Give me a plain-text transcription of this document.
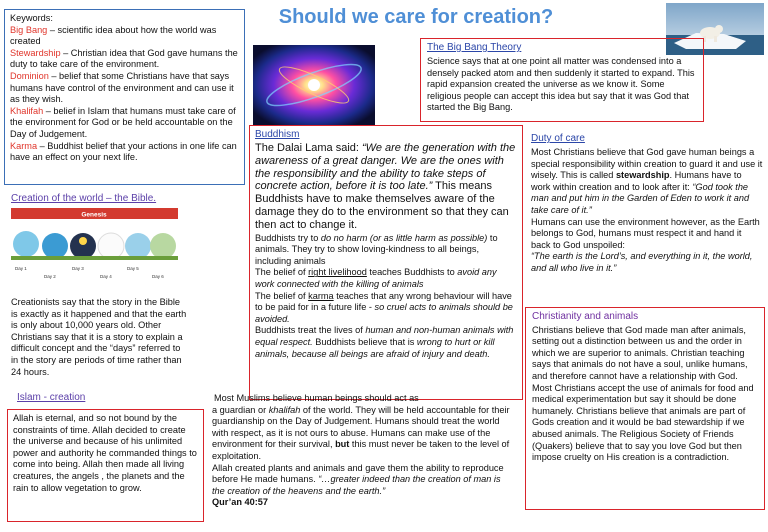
Keywords:

Big Bang – scientific idea about how the world was created

Stewardship – Christian idea that God gave humans the duty to take care of the environment.

Dominion – belief that some Christians have that says humans have control of the environment and can use it as they wish.

Khalifah – belief in Islam that humans must take care of the environment for God or be held accountable on the Day of Judgement.

Karma – Buddhist belief that your actions in one life can have an effect on your next life.

Should we care for creation?

The Big Bang Theory

Science says that at one point all matter was condensed into a densely packed atom and then suddenly it started to expand. This rapid expansion created the universe as we know it. Some religious people can accept this idea but say that it was God that started the Big Bang.

Creation of the world – the Bible.
Genesis
Day 1
Day 2
Day 3
Day 4
Day 5
Day 6
Creationists say that the story in the Bible is exactly as it happened and that the earth is only about 10,000 years old. Other Christians say that it is a story to explain a difficult concept and the “days” referred to in the story are periods of time rather than 24 hours.
Islam - creation

Allah is eternal, and so not bound by the constraints of time. Allah decided to create the universe and because of his unlimited power and authority he commanded things to come into being. Allah then made all living creatures, the angels , the planets and the rain to allow vegetation to grow.

Buddhism

The Dalai Lama said: “We are the generation with the awareness of a great danger. We are the ones with the responsibility and the ability to take steps of concrete action, before it is too late.” This means Buddhists have to make themselves aware of the damage they do to the environment so that they can then act to change it.

Buddhists try to do no harm (or as little harm as possible) to animals. They try to show loving-kindness to all beings, including animals

The belief of right livelihood teaches Buddhists to avoid any work connected with the killing of animals

The belief of karma teaches that any wrong behaviour will have to be paid for in a future life - so cruel acts to animals should be avoided.

Buddhists treat the lives of human and non-human animals with equal respect. Buddhists believe that is wrong to hurt or kill animals, because all beings are afraid of injury and death.

Most Muslims believe human beings should act as

a guardian or khalifah of the world. They will be held accountable for their guardianship on the Day of Judgement. Humans should treat the world with respect, as it is not ours to abuse. Humans can make use of the environment for their survival, but this must never be taken to the level of exploitation.

Allah created plants and animals and gave them the ability to reproduce before He made humans. “…greater indeed than the creation of man is the creation of the heavens and the earth.”

Qur’an 40:57

Duty of care

Most Christians believe that God gave human beings a special responsibility within creation to guard it and use it wisely. This is called stewardship. Humans have to work within creation and to look after it: “God took the man and put him in the Garden of Eden to work it and take care of it.”

Humans can use the environment however, as the Earth belongs to God, humans must respect it and hand it back to God unspoiled:

“The earth is the Lord’s, and everything in it, the world, and all who live in it.”

Christianity and animals

Christians believe that God made man after animals, setting out a distinction between us and the order in which we are superior to animals. Christian teaching says that animals do not have a soul, unlike humans, and therefore cannot have a relationship with God. Most Christians accept the use of animals for food and medical experimentation but say it should be done humanely. Christians believe that animals are part of Gods creation and it would be bad stewardship if we abused animals. The Religious Society of Friends (Quakers) believe that to say you love God but then impose cruelty on His creation is a contradiction.
